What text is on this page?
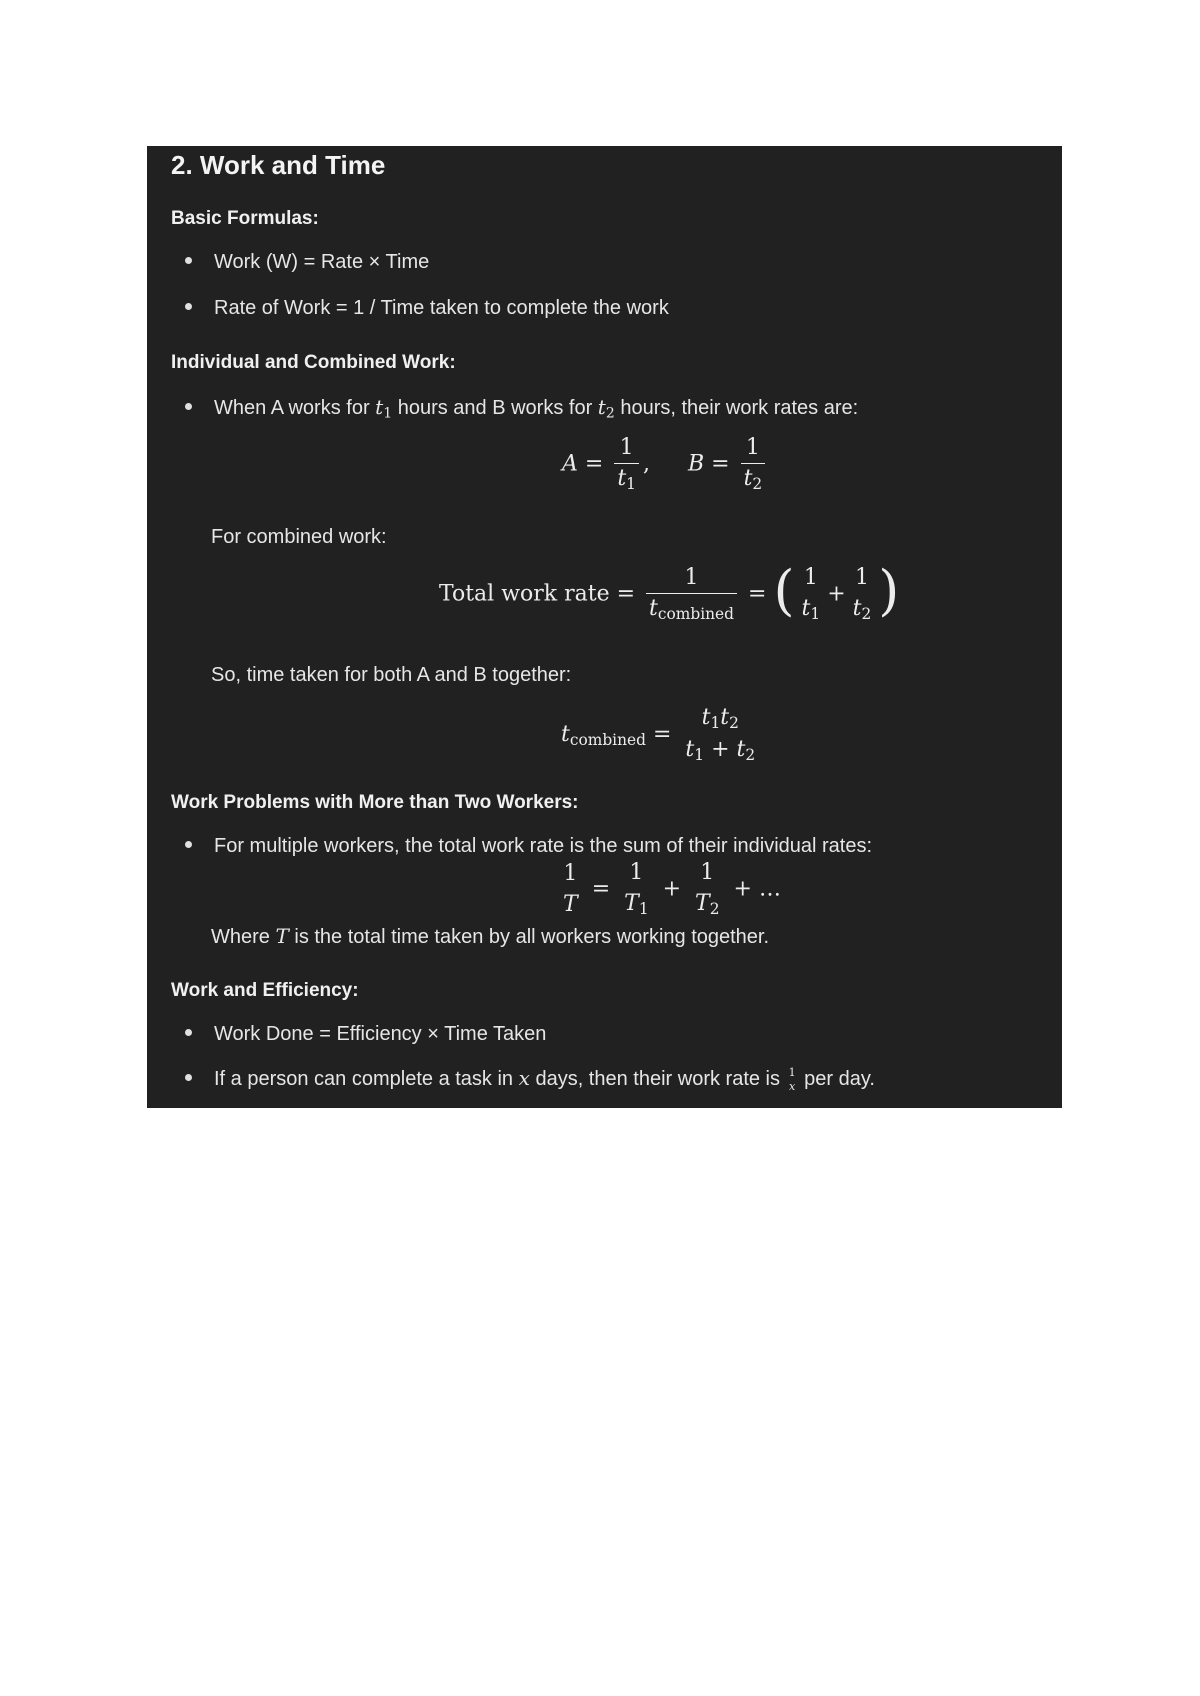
2. Work and Time
Basic Formulas:
Work (W) = Rate × Time
Rate of Work = 1 / Time taken to complete the work
Individual and Combined Work:
When A works for $t_1$ hours and B works for $t_2$ hours, their work rates are:
$A = \frac{1}{t_1}$ , $B = \frac{1}{t_2}$
For combined work:
Total work rate = $\frac{1}{t_{combined}}$ = ( 1
$t_1$
+
1
$t_2$ )
So, time taken for both A and B together:
$t_{combined}$ =
$t_1t_2$
$t_1 + t_2$
Work Problems with More than Two Workers:
For multiple workers, the total work rate is the sum of their individual rates:
1
T
=
1
$T_1$
+
1
$T_2$
+ …
Where T is the total time taken by all workers working together.
Work and Efficiency:
Work Done = Efficiency × Time Taken
If a person can complete a task in x days, then their work rate is 1
x per day.
